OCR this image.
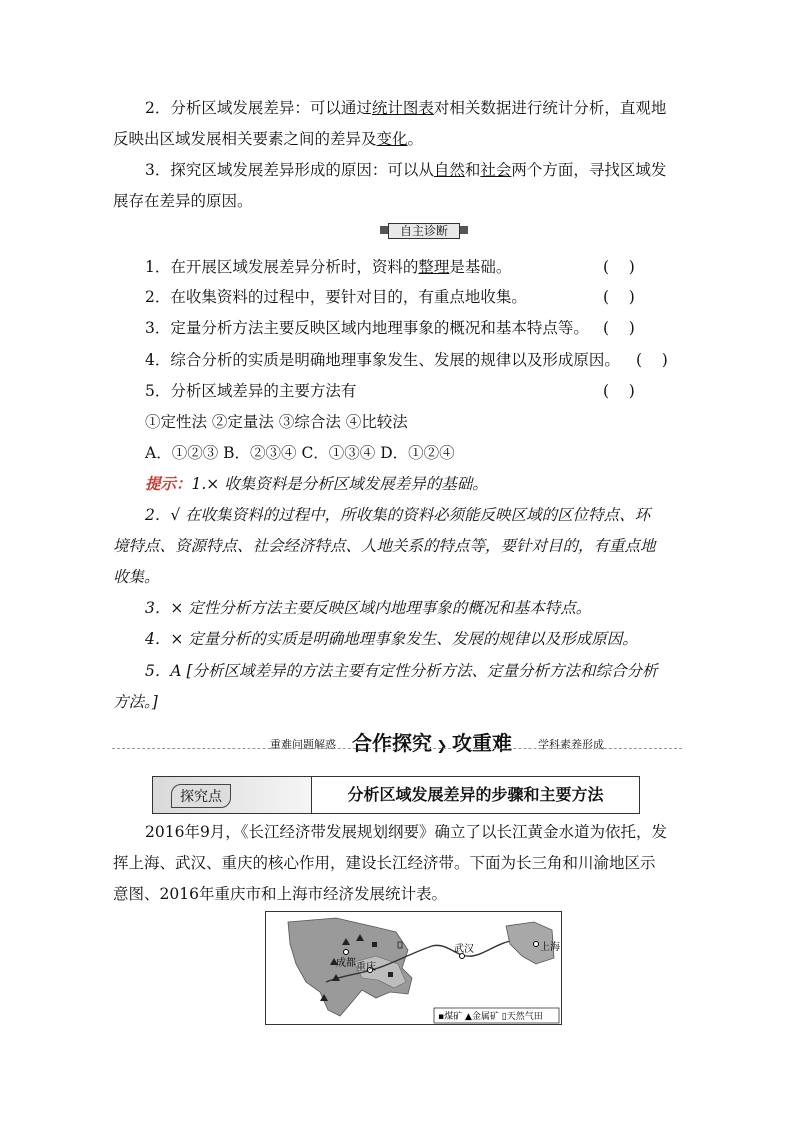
2．分析区域发展差异：可以通过统计图表对相关数据进行统计分析，直观地
反映出区域发展相关要素之间的差异及变化。
3．探究区域发展差异形成的原因：可以从自然和社会两个方面，寻找区域发
展存在差异的原因。
自主诊断
1．在开展区域发展差异分析时，资料的整理是基础。	(    )
2．在收集资料的过程中，要针对目的，有重点地收集。	(    )
3．定量分析方法主要反映区域内地理事象的概况和基本特点等。 (    )
4．综合分析的实质是明确地理事象发生、发展的规律以及形成原因。 (    )
5．分析区域差异的主要方法有	(    )
①定性法 ②定量法 ③综合法 ④比较法
A．①②③ B．②③④ C．①③④ D．①②④
提示：1.× 收集资料是分析区域发展差异的基础。
2．√ 在收集资料的过程中，所收集的资料必须能反映区域的区位特点、环
境特点、资源特点、社会经济特点、人地关系的特点等，要针对目的，有重点地
收集。
3．× 定性分析方法主要反映区域内地理事象的概况和基本特点。
4．× 定量分析的实质是明确地理事象发生、发展的规律以及形成原因。
5．A [分析区域差异的方法主要有定性分析方法、定量分析方法和综合分析
方法。]
重难问题解惑 合作探究 ❯ 攻重难 学科素养形成
探究点	分析区域发展差异的步骤和主要方法
2016年9月，《长江经济带发展规划纲要》确立了以长江黄金水道为依托，发
挥上海、武汉、重庆的核心作用，建设长江经济带。下面为长三角和川渝地区示
意图、2016年重庆市和上海市经济发展统计表。
成都 重庆
武汉	上海
▪煤矿 ▲金属矿 ▯天然气田
